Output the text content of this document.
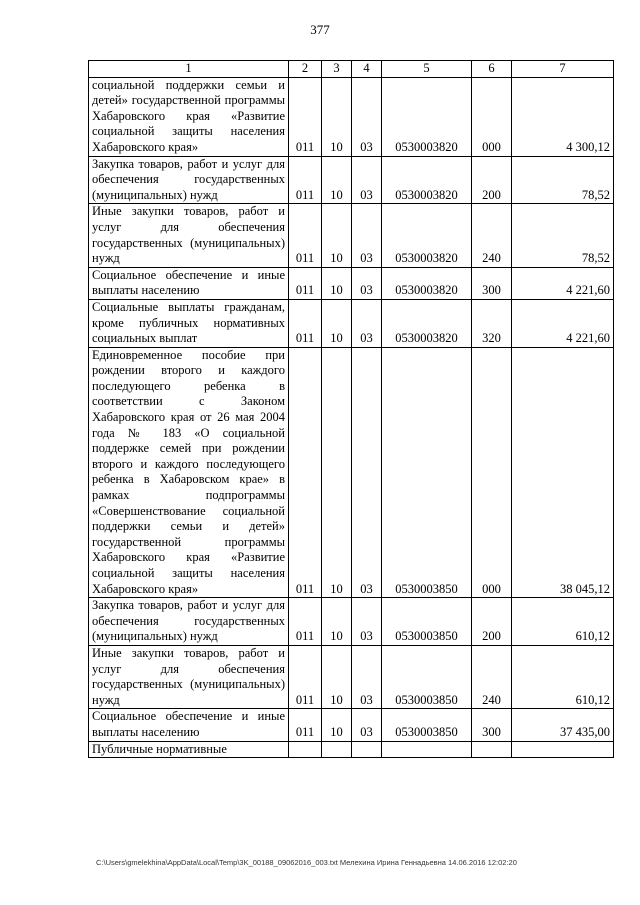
377
1	2	3	4	5	6	7
социальной поддержки семьи и детей» государственной программы Хабаровского края «Развитие социальной защиты населения Хабаровского края»	011	10	03	0530003820	000	4 300,12
Закупка товаров, работ и услуг для обеспечения государственных (муниципальных) нужд	011	10	03	0530003820	200	78,52
Иные закупки товаров, работ и услуг для обеспечения государственных (муниципальных) нужд	011	10	03	0530003820	240	78,52
Социальное обеспечение и иные выплаты населению	011	10	03	0530003820	300	4 221,60
Социальные выплаты гражданам, кроме публичных нормативных социальных выплат	011	10	03	0530003820	320	4 221,60
Единовременное пособие при рождении второго и каждого последующего ребенка в соответствии с Законом Хабаровского края от 26 мая 2004 года № 183 «О социальной поддержке семей при рождении второго и каждого последующего ребенка в Хабаровском крае» в рамках подпрограммы «Совершенствование социальной поддержки семьи и детей» государственной программы Хабаровского края «Развитие социальной защиты населения Хабаровского края»	011	10	03	0530003850	000	38 045,12
Закупка товаров, работ и услуг для обеспечения государственных (муниципальных) нужд	011	10	03	0530003850	200	610,12
Иные закупки товаров, работ и услуг для обеспечения государственных (муниципальных) нужд	011	10	03	0530003850	240	610,12
Социальное обеспечение и иные выплаты населению	011	10	03	0530003850	300	37 435,00
Публичные нормативные						
C:\Users\gmelekhina\AppData\Local\Temp\3K_00188_09062016_003.txt Мелехина Ирина Геннадьевна 14.06.2016 12:02:20
